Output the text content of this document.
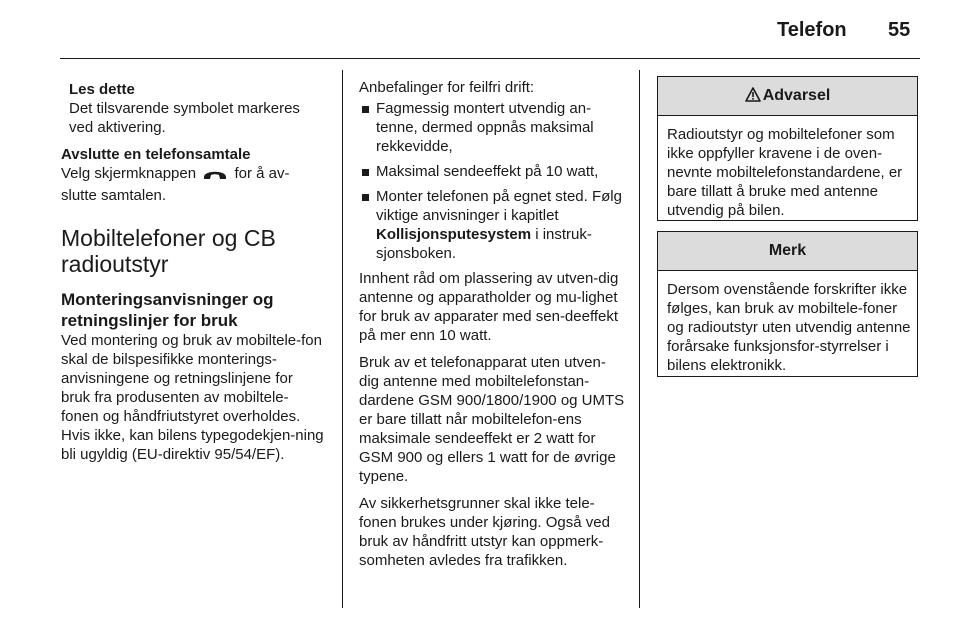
Telefon 55

Les dette

Det tilsvarende symbolet markeres ved aktivering.

Avslutte en telefonsamtale

Velg skjermknappen	for å av-
slutte samtalen.

Mobiltelefoner og CB radioutstyr

Monteringsanvisninger og retningslinjer for bruk

Ved montering og bruk av mobiltele-fon skal de bilspesifikke monterings-anvisningene og retningslinjene for bruk fra produsenten av mobiltele-fonen og håndfriutstyret overholdes. Hvis ikke, kan bilens typegodekjen-ning bli ugyldig (EU-direktiv 95/54/EF).

Anbefalinger for feilfri drift:

Fagmessig montert utvendig an-tenne, dermed oppnås maksimal rekkevidde,
Maksimal sendeeffekt på 10 watt,
Monter telefonen på egnet sted. Følg viktige anvisninger i kapitlet Kollisjonsputesystem i instruk-sjonsboken.

Innhent råd om plassering av utven-dig antenne og apparatholder og mu-lighet for bruk av apparater med sen-deeffekt på mer enn 10 watt.

Bruk av et telefonapparat uten utven-dig antenne med mobiltelefonstan-dardene GSM 900/1800/1900 og UMTS er bare tillatt når mobiltelefon-ens maksimale sendeeffekt er 2 watt for GSM 900 og ellers 1 watt for de øvrige typene.

Av sikkerhetsgrunner skal ikke tele-fonen brukes under kjøring. Også ved bruk av håndfritt utstyr kan oppmerk-somheten avledes fra trafikken.

Advarsel
Radioutstyr og mobiltelefoner som ikke oppfyller kravene i de oven-nevnte mobiltelefonstandardene, er bare tillatt å bruke med antenne utvendig på bilen.
Merk
Dersom ovenstående forskrifter ikke følges, kan bruk av mobiltele-foner og radioutstyr uten utvendig antenne forårsake funksjonsfor-styrrelser i bilens elektronikk.
